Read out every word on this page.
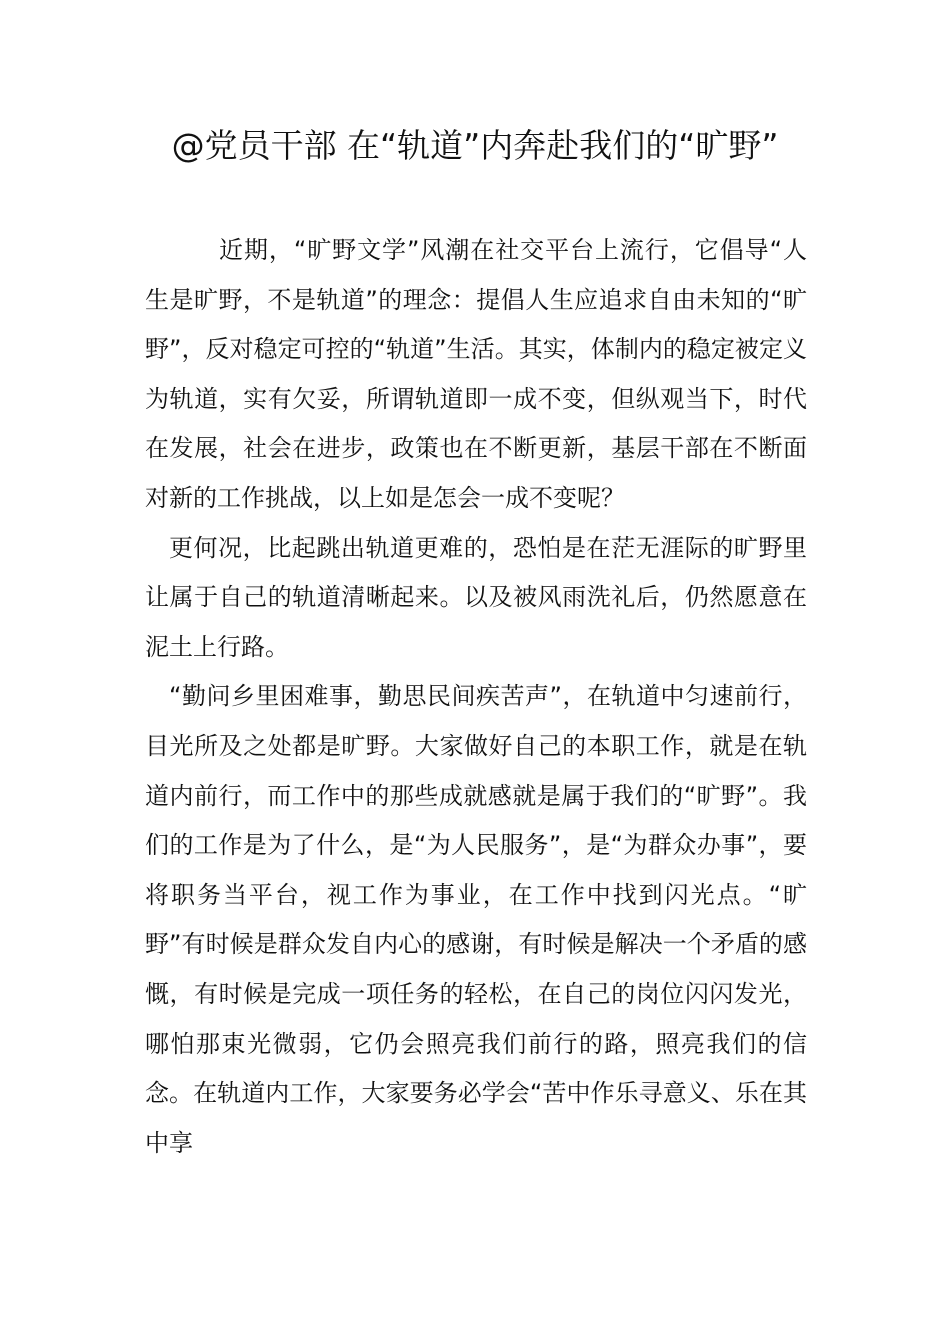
@党员干部 在“轨道”内奔赴我们的“旷野”

近期，“旷野文学”风潮在社交平台上流行，它倡导“人生是旷野，不是轨道”的理念：提倡人生应追求自由未知的“旷野”，反对稳定可控的“轨道”生活。其实，体制内的稳定被定义为轨道，实有欠妥，所谓轨道即一成不变，但纵观当下，时代在发展，社会在进步，政策也在不断更新，基层干部在不断面对新的工作挑战，以上如是怎会一成不变呢？

更何况，比起跳出轨道更难的，恐怕是在茫无涯际的旷野里让属于自己的轨道清晰起来。以及被风雨洗礼后，仍然愿意在泥土上行路。

“勤问乡里困难事，勤思民间疾苦声”，在轨道中匀速前行，目光所及之处都是旷野。大家做好自己的本职工作，就是在轨道内前行，而工作中的那些成就感就是属于我们的“旷野”。我们的工作是为了什么，是“为人民服务”，是“为群众办事”，要将职务当平台，视工作为事业，在工作中找到闪光点。“旷野”有时候是群众发自内心的感谢，有时候是解决一个矛盾的感慨，有时候是完成一项任务的轻松，在自己的岗位闪闪发光，哪怕那束光微弱，它仍会照亮我们前行的路，照亮我们的信念。在轨道内工作，大家要务必学会“苦中作乐寻意义、乐在其中享
